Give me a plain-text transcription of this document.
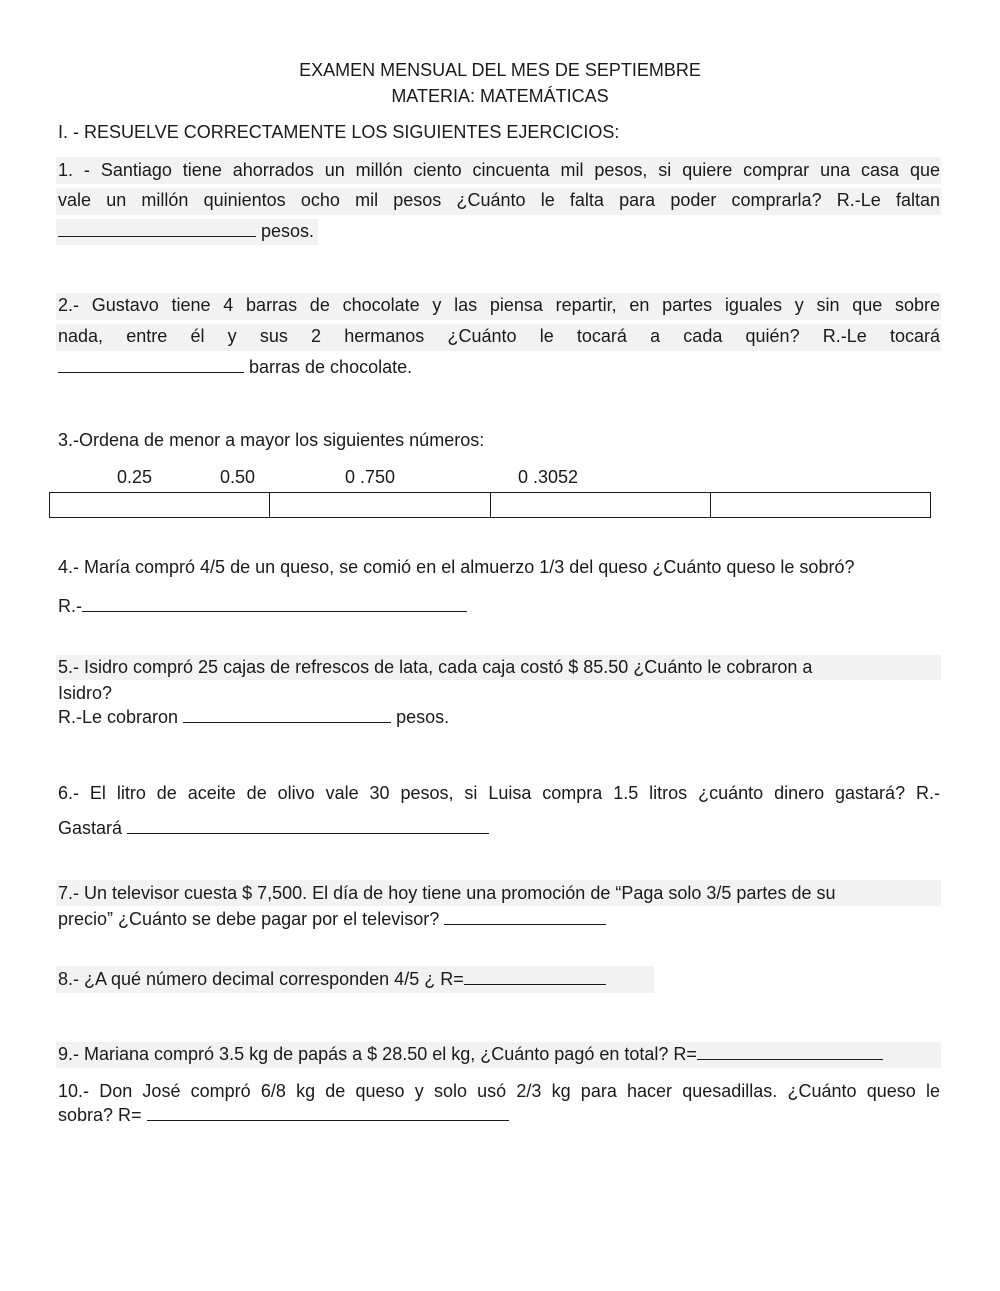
EXAMEN MENSUAL DEL MES DE SEPTIEMBRE
MATERIA: MATEMÁTICAS
I. - RESUELVE CORRECTAMENTE LOS SIGUIENTES EJERCICIOS:
1. - Santiago tiene ahorrados un millón ciento cincuenta mil pesos, si quiere comprar una casa que
vale un millón quinientos ocho mil pesos ¿Cuánto le falta para poder comprarla? R.-Le faltan
pesos.
2.- Gustavo tiene 4 barras de chocolate y las piensa repartir, en partes iguales y sin que sobre
nada, entre él y sus 2 hermanos ¿Cuánto le tocará a cada quién? R.-Le tocará
barras de chocolate.
3.-Ordena de menor a mayor los siguientes números:
0.25	0.50	0 .750	0 .3052

4.- María compró 4/5 de un queso, se comió en el almuerzo 1/3 del queso ¿Cuánto queso le sobró?
R.-
5.- Isidro compró 25 cajas de refrescos de lata, cada caja costó $ 85.50 ¿Cuánto le cobraron a
Isidro?
R.-Le cobraron	pesos.
6.- El litro de aceite de olivo vale 30 pesos, si Luisa compra 1.5 litros ¿cuánto dinero gastará? R.-
Gastará
7.- Un televisor cuesta $ 7,500. El día de hoy tiene una promoción de “Paga solo 3/5 partes de su
precio” ¿Cuánto se debe pagar por el televisor?
8.- ¿A qué número decimal corresponden 4/5 ¿ R=
9.- Mariana compró 3.5 kg de papás a $ 28.50 el kg, ¿Cuánto pagó en total? R=
10.- Don José compró 6/8 kg de queso y solo usó 2/3 kg para hacer quesadillas. ¿Cuánto queso le
sobra? R=
